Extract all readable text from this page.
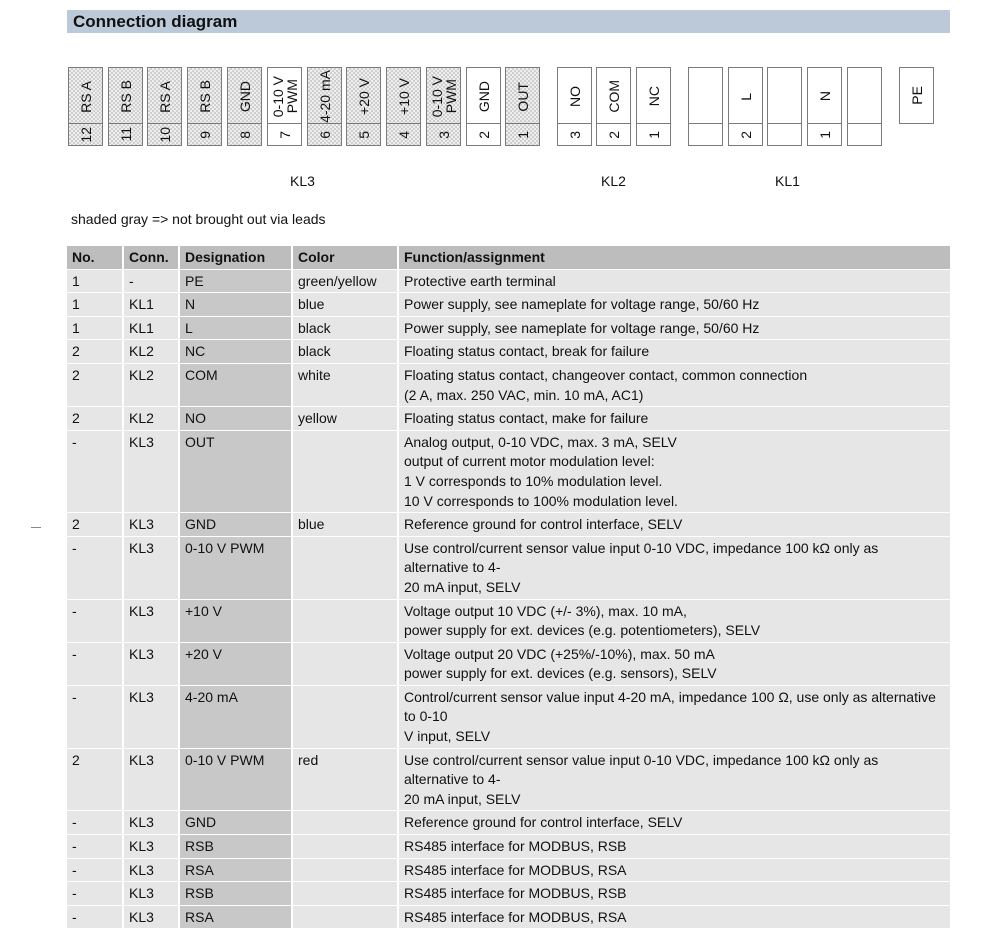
Connection diagram
RS A
12
RS B
11
RS A
10
RS B
9
GND
8
0-10 V
PWM
7
4-20 mA
6
+20 V
5
+10 V
4
0-10 V
PWM
3
GND
2
OUT
1
NO
3
COM
2
NC
1
L
2
N
1
PE
KL3	KL2	KL1
shaded gray => not brought out via leads
No.	Conn.	Designation	Color	Function/assignment
1	-	PE	green/yellow	Protective earth terminal

1	KL1	N	blue	Power supply, see nameplate for voltage range, 50/60 Hz

1	KL1	L	black	Power supply, see nameplate for voltage range, 50/60 Hz

2	KL2	NC	black	Floating status contact, break for failure

2	KL2	COM	white	Floating status contact, changeover contact, common connection
(2 A, max. 250 VAC, min. 10 mA, AC1)

2	KL2	NO	yellow	Floating status contact, make for failure

-	KL3	OUT		Analog output, 0-10 VDC, max. 3 mA, SELV
output of current motor modulation level:
1 V corresponds to 10% modulation level.
10 V corresponds to 100% modulation level.

2	KL3	GND	blue	Reference ground for control interface, SELV

-	KL3	0-10 V PWM		Use control/current sensor value input 0-10 VDC, impedance 100 kΩ only as alternative to 4-
20 mA input, SELV

-	KL3	+10 V		Voltage output 10 VDC (+/- 3%), max. 10 mA,
power supply for ext. devices (e.g. potentiometers), SELV

-	KL3	+20 V		Voltage output 20 VDC (+25%/-10%), max. 50 mA
power supply for ext. devices (e.g. sensors), SELV

-	KL3	4-20 mA		Control/current sensor value input 4-20 mA, impedance 100 Ω, use only as alternative to 0-10
V input, SELV

2	KL3	0-10 V PWM	red	Use control/current sensor value input 0-10 VDC, impedance 100 kΩ only as alternative to 4-
20 mA input, SELV

-	KL3	GND		Reference ground for control interface, SELV

-	KL3	RSB		RS485 interface for MODBUS, RSB

-	KL3	RSA		RS485 interface for MODBUS, RSA

-	KL3	RSB		RS485 interface for MODBUS, RSB

-	KL3	RSA		RS485 interface for MODBUS, RSA
